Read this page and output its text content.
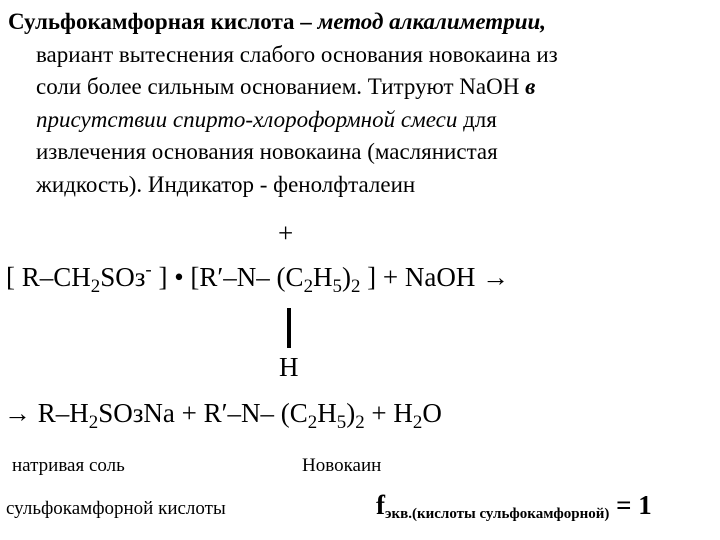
Сульфокамфорная кислота – метод алкалиметрии,
вариант вытеснения слабого основания новокаина из
соли более сильным основанием. Титруют NaOH в
присутствии спирто-хлороформной смеси для
извлечения основания новокаина (маслянистая
жидкость). Индикатор - фенолфталеин
+
[ $R-CH_2SOз^-$ ] • [R′–N– $(C_2H_5)_2$ ] + NaOH →
H
→ $R-H_2SOзNa + R'-N-$ $(C_2H_5)_2 + H_2O$
натривая соль	Новокаин
сульфокамфорной кислоты	$f_{экв.(кислоты сульфокамфорной)} = 1$
